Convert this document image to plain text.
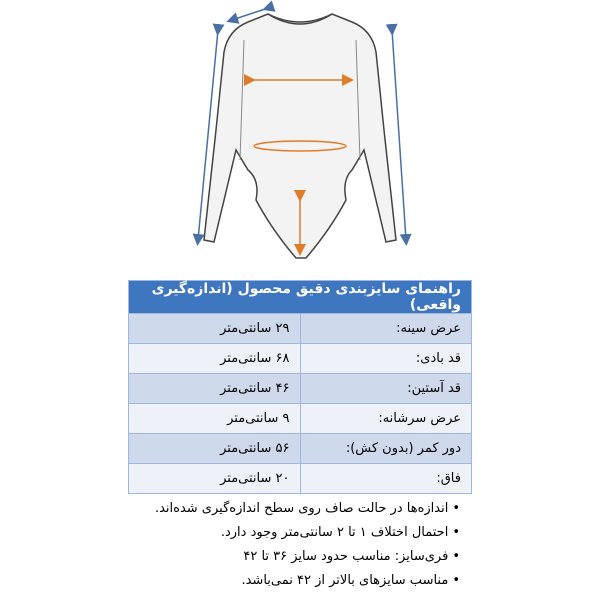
راهنمای سایزبندی دقیق محصول (اندازه‌گیری واقعی)	
عرض سینه:	۲۹ سانتی‌متر
قد بادی:	۶۸ سانتی‌متر
قد آستین:	۴۶ سانتی‌متر
عرض سرشانه:	۹ سانتی‌متر
دور کمر (بدون کش):	۵۶ سانتی‌متر
فاق:	۲۰ سانتی‌متر
• اندازه‌ها در حالت صاف روی سطح اندازه‌گیری شده‌اند.
• احتمال اختلاف ۱ تا ۲ سانتی‌متر وجود دارد.
• فری‌سایز: مناسب حدود سایز ۳۶ تا ۴۲
• مناسب سایزهای بالاتر از ۴۲ نمی‌باشد.
